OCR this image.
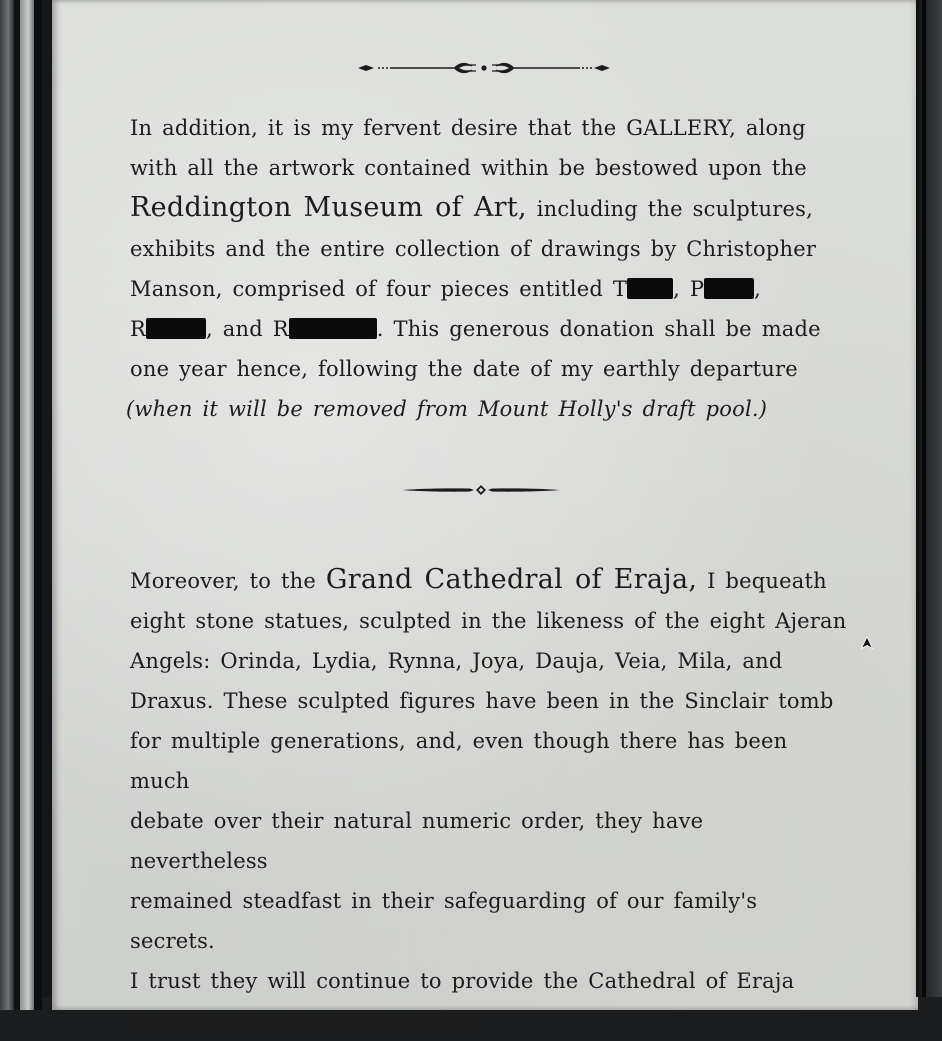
In addition, it is my fervent desire that the GALLERY, along

with all the artwork contained within be bestowed upon the

Reddington Museum of Art, including the sculptures,

exhibits and the entire collection of drawings by Christopher

Manson, comprised of four pieces entitled T , P ,

R	, and R	. This generous donation shall be made

one year hence, following the date of my earthly departure

(when it will be removed from Mount Holly's draft pool.)

Moreover, to the Grand Cathedral of Eraja, I bequeath

eight stone statues, sculpted in the likeness of the eight Ajeran

Angels: Orinda, Lydia, Rynna, Joya, Dauja, Veia, Mila, and

Draxus. These sculpted figures have been in the Sinclair tomb

for multiple generations, and, even though there has been much

debate over their natural numeric order, they have nevertheless

remained steadfast in their safeguarding of our family's secrets.

I trust they will continue to provide the Cathedral of Eraja

that same level of stewardship.
